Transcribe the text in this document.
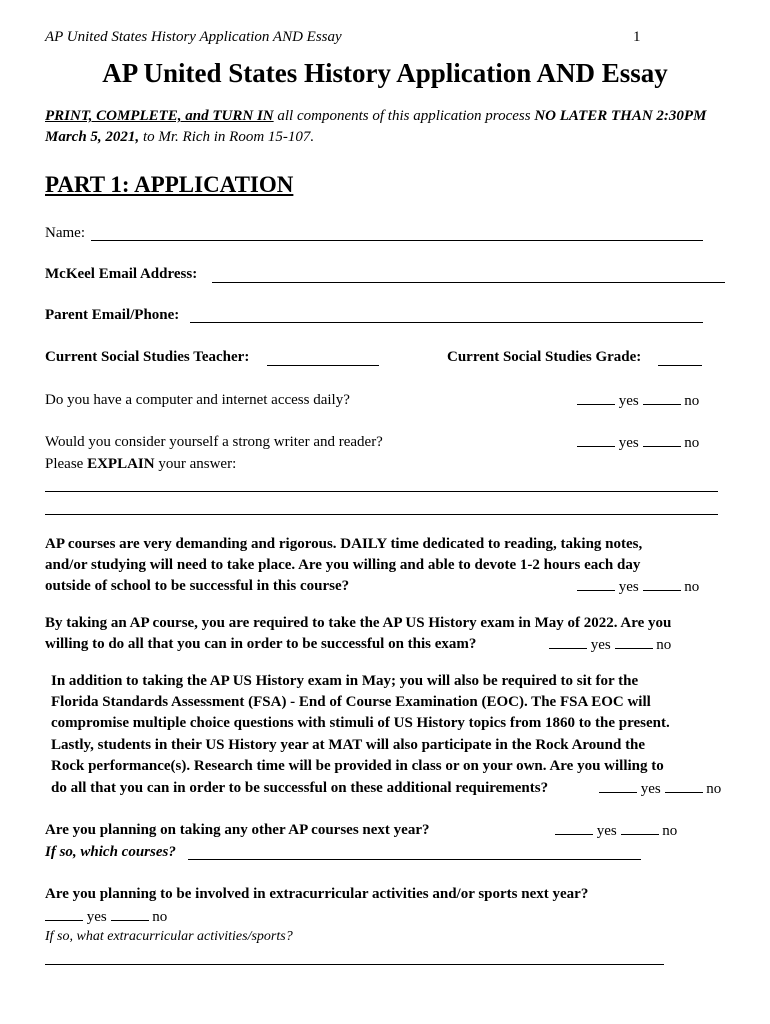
AP United States History Application AND Essay	1
AP United States History Application AND Essay
PRINT, COMPLETE, and TURN IN all components of this application process NO LATER THAN 2:30PM
March 5, 2021, to Mr. Rich in Room 15-107.
PART 1: APPLICATION
Name:
McKeel Email Address:
Parent Email/Phone:
Current Social Studies Teacher:	Current Social Studies Grade:
Do you have a computer and internet access daily?	yes	no
Would you consider yourself a strong writer and reader?	yes	no
Please EXPLAIN your answer:
AP courses are very demanding and rigorous. DAILY time dedicated to reading, taking notes,
and/or studying will need to take place. Are you willing and able to devote 1-2 hours each day
outside of school to be successful in this course?	yes	no
By taking an AP course, you are required to take the AP US History exam in May of 2022. Are you
willing to do all that you can in order to be successful on this exam?	yes	no
In addition to taking the AP US History exam in May; you will also be required to sit for the
Florida Standards Assessment (FSA) - End of Course Examination (EOC). The FSA EOC will
compromise multiple choice questions with stimuli of US History topics from 1860 to the present.
Lastly, students in their US History year at MAT will also participate in the Rock Around the
Rock performance(s). Research time will be provided in class or on your own. Are you willing to
do all that you can in order to be successful on these additional requirements?	yes	no
Are you planning on taking any other AP courses next year?	yes	no
If so, which courses?
Are you planning to be involved in extracurricular activities and/or sports next year?
yes	no
If so, what extracurricular activities/sports?
